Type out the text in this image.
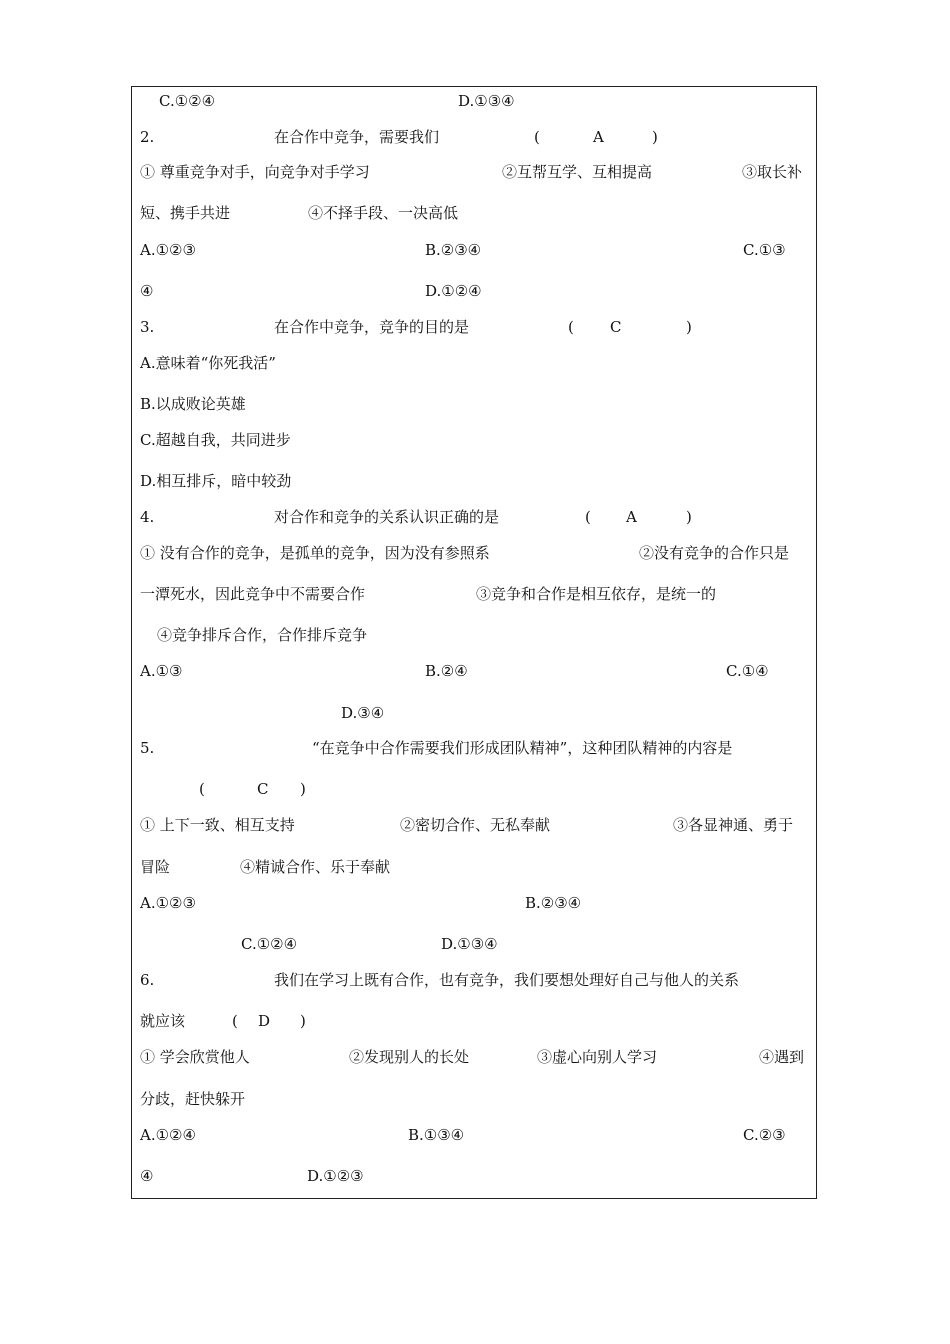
C.①②④	D.①③④
2.	在合作中竞争，需要我们	(	A	)
① 尊重竞争对手，向竞争对手学习	②互帮互学、互相提高	③取长补
短、携手共进	④不择手段、一决高低
A.①②③	B.②③④	C.①③
④	D.①②④
3.	在合作中竞争，竞争的目的是	( C	)
A.意味着“你死我活”
B.以成败论英雄
C.超越自我，共同进步
D.相互排斥，暗中较劲
4.	对合作和竞争的关系认识正确的是	( A	)
① 没有合作的竞争，是孤单的竞争，因为没有参照系	②没有竞争的合作只是
一潭死水，因此竞争中不需要合作	③竞争和合作是相互依存，是统一的
④竞争排斥合作，合作排斥竞争
A.①③	B.②④	C.①④
D.③④
5.	“在竞争中合作需要我们形成团队精神”，这种团队精神的内容是
(	C )
① 上下一致、相互支持	②密切合作、无私奉献	③各显神通、勇于
冒险	④精诚合作、乐于奉献
A.①②③	B.②③④
C.①②④	D.①③④
6.	我们在学习上既有合作，也有竞争，我们要想处理好自己与他人的关系
就应该	( D )
① 学会欣赏他人	②发现别人的长处	③虚心向别人学习	④遇到
分歧，赶快躲开
A.①②④	B.①③④	C.②③
④	D.①②③
